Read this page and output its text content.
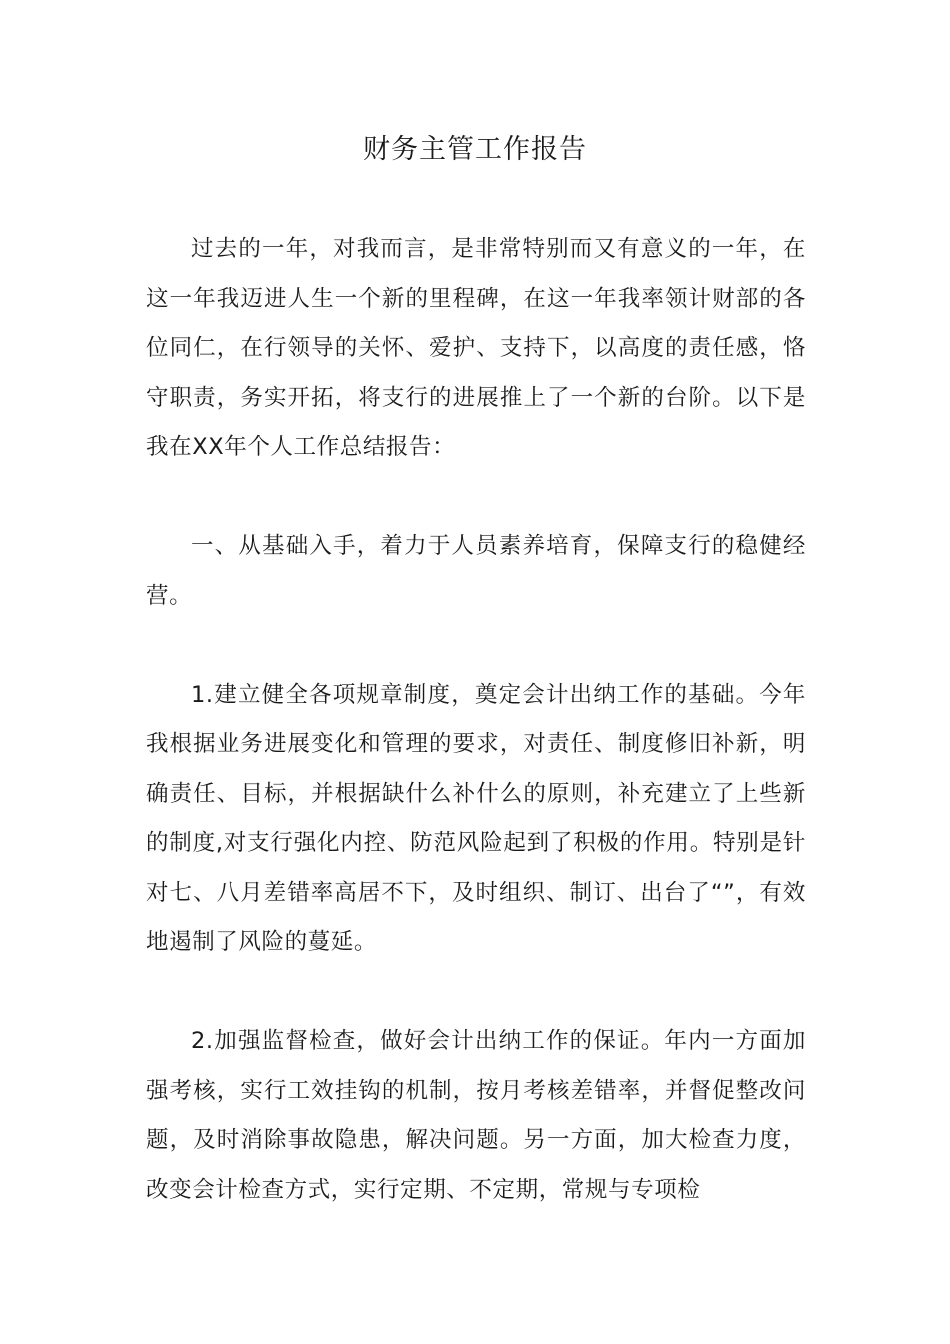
财务主管工作报告

过去的一年，对我而言，是非常特别而又有意义的一年，在这一年我迈进人生一个新的里程碑，在这一年我率领计财部的各位同仁，在行领导的关怀、爱护、支持下，以高度的责任感，恪守职责，务实开拓，将支行的进展推上了一个新的台阶。以下是我在XX年个人工作总结报告：

一、从基础入手，着力于人员素养培育，保障支行的稳健经营。

1.建立健全各项规章制度，奠定会计出纳工作的基础。今年我根据业务进展变化和管理的要求，对责任、制度修旧补新，明确责任、目标，并根据缺什么补什么的原则，补充建立了上些新的制度,对支行强化内控、防范风险起到了积极的作用。特别是针对七、八月差错率高居不下，及时组织、制订、出台了“”，有效地遏制了风险的蔓延。

2.加强监督检查，做好会计出纳工作的保证。年内一方面加强考核，实行工效挂钩的机制，按月考核差错率，并督促整改问题，及时消除事故隐患，解决问题。另一方面，加大检查力度，改变会计检查方式，实行定期、不定期，常规与专项检
